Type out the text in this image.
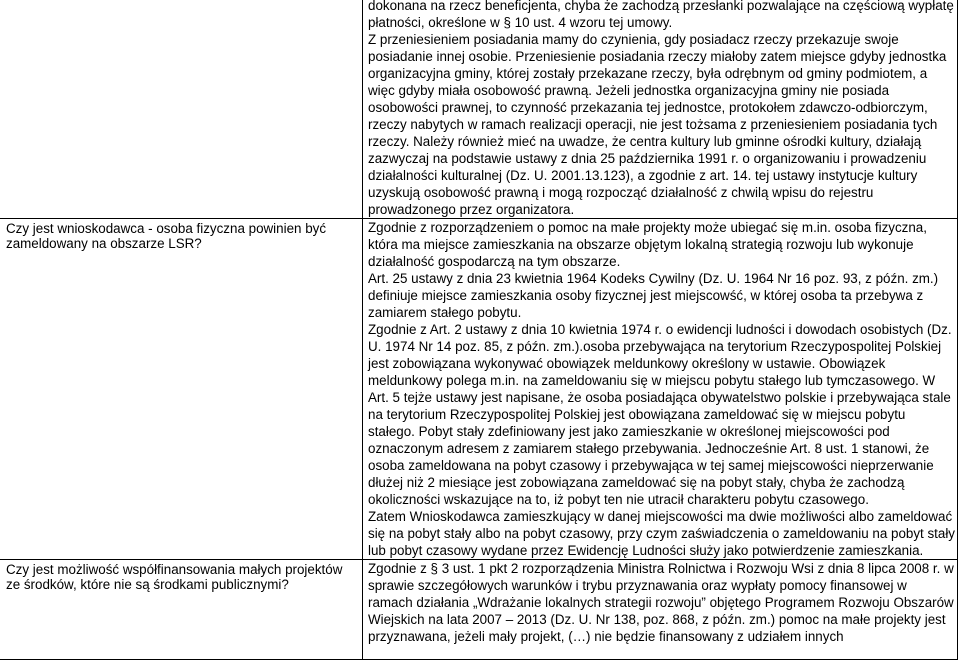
	dokonana na rzecz beneficjenta, chyba że zachodzą przesłanki pozwalające na częściową wypłatę płatności, określone w § 10 ust. 4 wzoru tej umowy.

Z przeniesieniem posiadania mamy do czynienia, gdy posiadacz rzeczy przekazuje swoje posiadanie innej osobie. Przeniesienie posiadania rzeczy miałoby zatem miejsce gdyby jednostka organizacyjna gminy, której zostały przekazane rzeczy, była odrębnym od gminy podmiotem, a więc gdyby miała osobowość prawną. Jeżeli jednostka organizacyjna gminy nie posiada osobowości prawnej, to czynność przekazania tej jednostce, protokołem zdawczo-odbiorczym, rzeczy nabytych w ramach realizacji operacji, nie jest tożsama z przeniesieniem posiadania tych rzeczy. Należy również mieć na uwadze, że centra kultury lub gminne ośrodki kultury, działają zazwyczaj na podstawie ustawy z dnia 25 października 1991 r. o organizowaniu i prowadzeniu działalności kulturalnej (Dz. U. 2001.13.123), a zgodnie z art. 14. tej ustawy instytucje kultury uzyskują osobowość prawną i mogą rozpocząć działalność z chwilą wpisu do rejestru prowadzonego przez organizatora.

Czy jest wnioskodawca - osoba fizyczna powinien być zameldowany na obszarze LSR?	Zgodnie z rozporządzeniem o pomoc na małe projekty może ubiegać się m.in. osoba fizyczna, która ma miejsce zamieszkania na obszarze objętym lokalną strategią rozwoju lub wykonuje działalność gospodarczą na tym obszarze.

Art. 25 ustawy z dnia 23 kwietnia 1964 Kodeks Cywilny (Dz. U. 1964 Nr 16 poz. 93, z późn. zm.) definiuje miejsce zamieszkania osoby fizycznej jest miejscowść, w której osoba ta przebywa z zamiarem stałego pobytu.

Zgodnie z Art. 2 ustawy z dnia 10 kwietnia 1974 r. o ewidencji ludności i dowodach osobistych (Dz. U. 1974 Nr 14 poz. 85, z późn. zm.).osoba przebywająca na terytorium Rzeczypospolitej Polskiej jest zobowiązana wykonywać obowiązek meldunkowy określony w ustawie. Obowiązek meldunkowy polega m.in. na zameldowaniu się w miejscu pobytu stałego lub tymczasowego. W Art. 5 tejże ustawy jest napisane, że osoba posiadająca obywatelstwo polskie i przebywająca stale na terytorium Rzeczypospolitej Polskiej jest obowiązana zameldować się w miejscu pobytu stałego. Pobyt stały zdefiniowany jest jako zamieszkanie w określonej miejscowości pod oznaczonym adresem z zamiarem stałego przebywania. Jednocześnie Art. 8 ust. 1 stanowi, że osoba zameldowana na pobyt czasowy i przebywająca w tej samej miejscowości nieprzerwanie dłużej niż 2 miesiące jest zobowiązana zameldować się na pobyt stały, chyba że zachodzą okoliczności wskazujące na to, iż pobyt ten nie utracił charakteru pobytu czasowego.

Zatem Wnioskodawca zamieszkujący w danej miejscowości ma dwie możliwości albo zameldować się na pobyt stały albo na pobyt czasowy, przy czym zaświadczenia o zameldowaniu na pobyt stały lub pobyt czasowy wydane przez Ewidencję Ludności służy jako potwierdzenie zamieszkania.

Czy jest możliwość współfinansowania małych projektów ze środków, które nie są środkami publicznymi?	Zgodnie z § 3 ust. 1 pkt 2 rozporządzenia Ministra Rolnictwa i Rozwoju Wsi z dnia 8 lipca 2008 r. w sprawie szczegółowych warunków i trybu przyznawania oraz wypłaty pomocy finansowej w ramach działania „Wdrażanie lokalnych strategii rozwoju” objętego Programem Rozwoju Obszarów Wiejskich na lata 2007 – 2013 (Dz. U. Nr 138, poz. 868, z późn. zm.) pomoc na małe projekty jest przyznawana, jeżeli mały projekt, (…) nie będzie finansowany z udziałem innych
